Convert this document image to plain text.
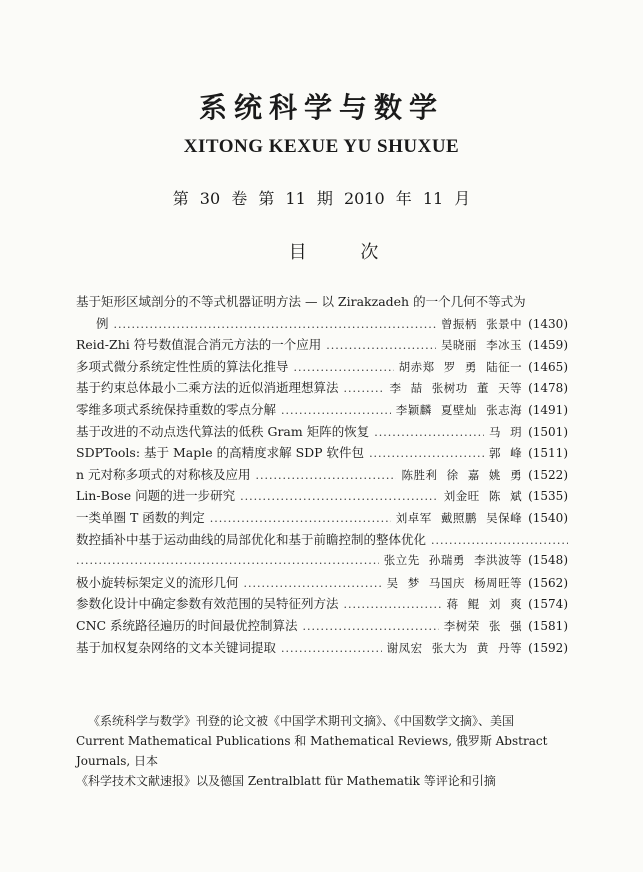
系统科学与数学
XITONG KEXUE YU SHUXUE
第 30 卷 第 11 期 2010 年 11 月
目 次
基于矩形区域剖分的不等式机器证明方法 — 以 Zirakzadeh 的一个几何不等式为
例 .....	曾振柄 张景中 (1430)
Reid-Zhi 符号数值混合消元方法的一个应用 .....	吴晓丽 李冰玉 (1459)
多项式微分系统定性性质的算法化推导 .....	胡赤郑 罗 勇 陆征一 (1465)
基于约束总体最小二乘方法的近似消逝理想算法 .....	李 喆 张树功 董 天等 (1478)
零维多项式系统保持重数的零点分解 .....	李颖麟 夏壁灿 张志海 (1491)
基于改进的不动点迭代算法的低秩 Gram 矩阵的恢复 .....	马 玥 (1501)
SDPTools: 基于 Maple 的高精度求解 SDP 软件包 .....	郭 峰 (1511)
n 元对称多项式的对称核及应用 .....	陈胜利 徐 嘉 姚 勇 (1522)
Lin-Bose 问题的进一步研究 .....	刘金旺 陈 斌 (1535)
一类单圈 T 函数的判定 .....	刘卓军 戴照鹏 吴保峰 (1540)
数控插补中基于运动曲线的局部优化和基于前瞻控制的整体优化
.....
.....
张立先 孙瑞勇 李洪波等 (1548)
极小旋转标架定义的流形几何 .....	吴 梦 马国庆 杨周旺等 (1562)
参数化设计中确定参数有效范围的吴特征列方法 .....	蒋 鲲 刘 爽 (1574)
CNC 系统路径遍历的时间最优控制算法 .....	李树荣 张 强 (1581)
基于加权复杂网络的文本关键词提取 .....	谢凤宏 张大为 黄 丹等 (1592)

《系统科学与数学》刊登的论文被《中国学术期刊文摘》、《中国数学文摘》、美国

Current Mathematical Publications 和 Mathematical Reviews, 俄罗斯 Abstract Journals, 日本

《科学技术文献速报》以及德国 Zentralblatt für Mathematik 等评论和引摘
